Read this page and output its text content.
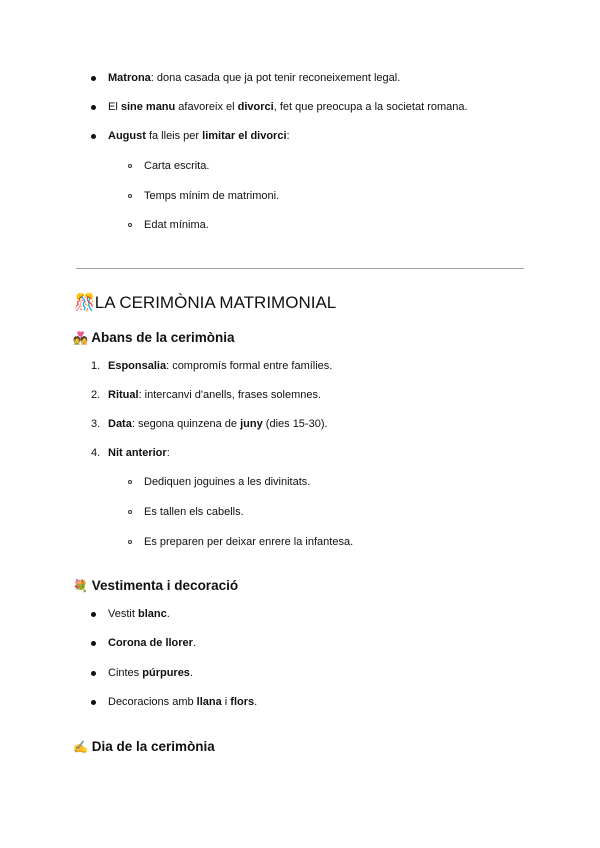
Matrona: dona casada que ja pot tenir reconeixement legal.
El sine manu afavoreix el divorci, fet que preocupa a la societat romana.
August fa lleis per limitar el divorci:
Carta escrita.
Temps mínim de matrimoni.
Edat mínima.
🎊 LA CERIMÒNIA MATRIMONIAL
💑 Abans de la cerimònia
1. Esponsalia: compromís formal entre famílies.
2. Ritual: intercanvi d'anells, frases solemnes.
3. Data: segona quinzena de juny (dies 15-30).
4. Nit anterior:
Dediquen joguines a les divinitats.
Es tallen els cabells.
Es preparen per deixar enrere la infantesa.
💐 Vestimenta i decoració
Vestit blanc.
Corona de llorer.
Cintes púrpures.
Decoracions amb llana i flors.
✍️ Dia de la cerimònia
